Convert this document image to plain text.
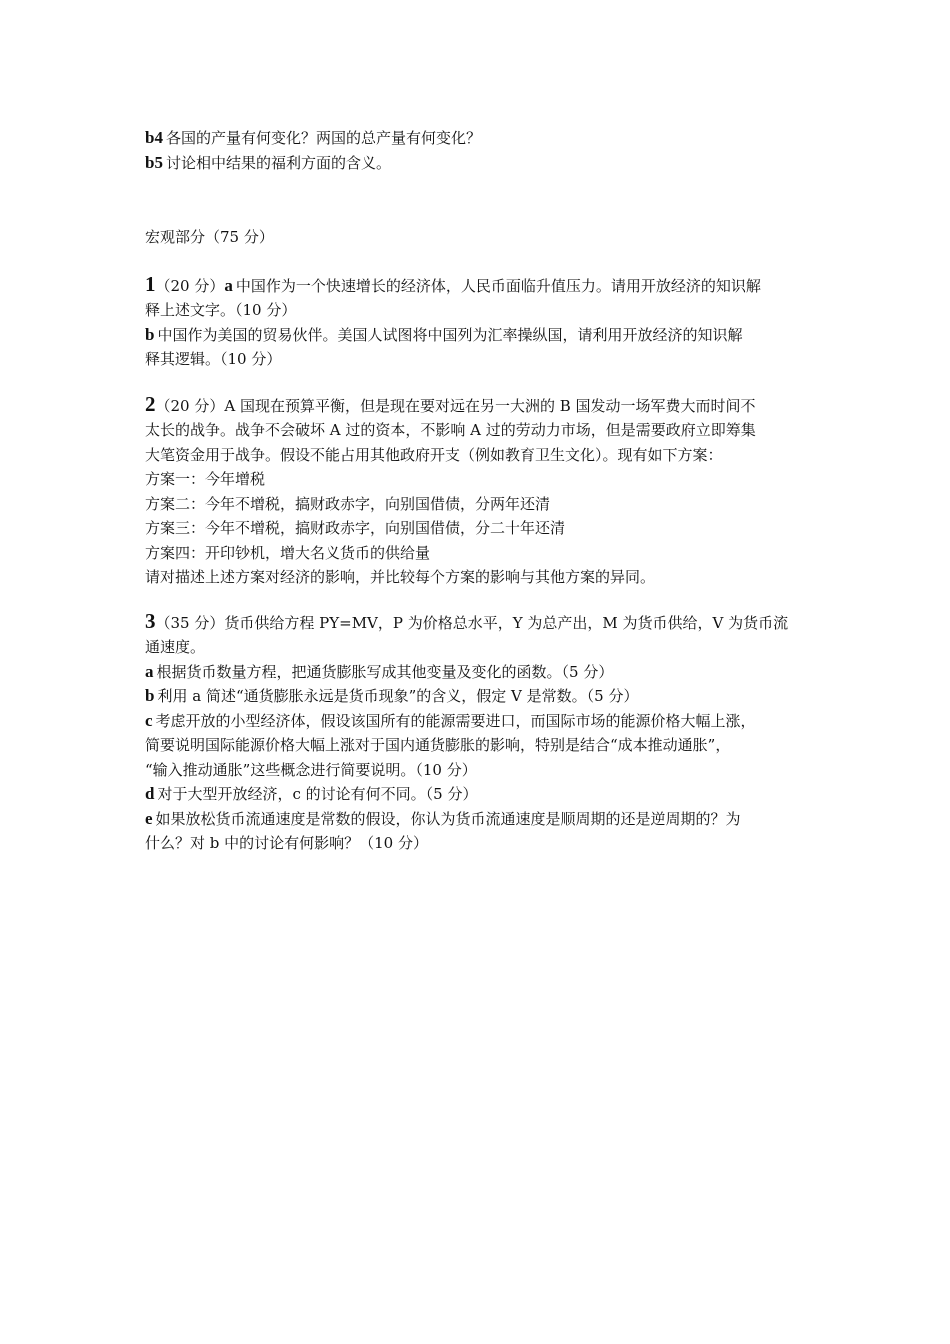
b4 各国的产量有何变化？两国的总产量有何变化？

b5 讨论相中结果的福利方面的含义。

宏观部分（75 分）

1（20 分）a 中国作为一个快速增长的经济体，人民币面临升值压力。请用开放经济的知识解

释上述文字。（10 分）

b 中国作为美国的贸易伙伴。美国人试图将中国列为汇率操纵国，请利用开放经济的知识解

释其逻辑。（10 分）

2（20 分）A 国现在预算平衡，但是现在要对远在另一大洲的 B 国发动一场军费大而时间不

太长的战争。战争不会破坏 A 过的资本，不影响 A 过的劳动力市场，但是需要政府立即筹集

大笔资金用于战争。假设不能占用其他政府开支（例如教育卫生文化）。现有如下方案：

方案一：今年增税

方案二：今年不增税，搞财政赤字，向别国借债，分两年还清

方案三：今年不增税，搞财政赤字，向别国借债，分二十年还清

方案四：开印钞机，增大名义货币的供给量

请对描述上述方案对经济的影响，并比较每个方案的影响与其他方案的异同。

3（35 分）货币供给方程 PY=MV，P 为价格总水平，Y 为总产出，M 为货币供给，V 为货币流

通速度。

a 根据货币数量方程，把通货膨胀写成其他变量及变化的函数。（5 分）

b 利用 a 简述“通货膨胀永远是货币现象”的含义，假定 V 是常数。（5 分）

c 考虑开放的小型经济体，假设该国所有的能源需要进口，而国际市场的能源价格大幅上涨，

简要说明国际能源价格大幅上涨对于国内通货膨胀的影响，特别是结合“成本推动通胀”，

“输入推动通胀”这些概念进行简要说明。（10 分）

d 对于大型开放经济，c 的讨论有何不同。（5 分）

e 如果放松货币流通速度是常数的假设，你认为货币流通速度是顺周期的还是逆周期的？为

什么？对 b 中的讨论有何影响？（10 分）
